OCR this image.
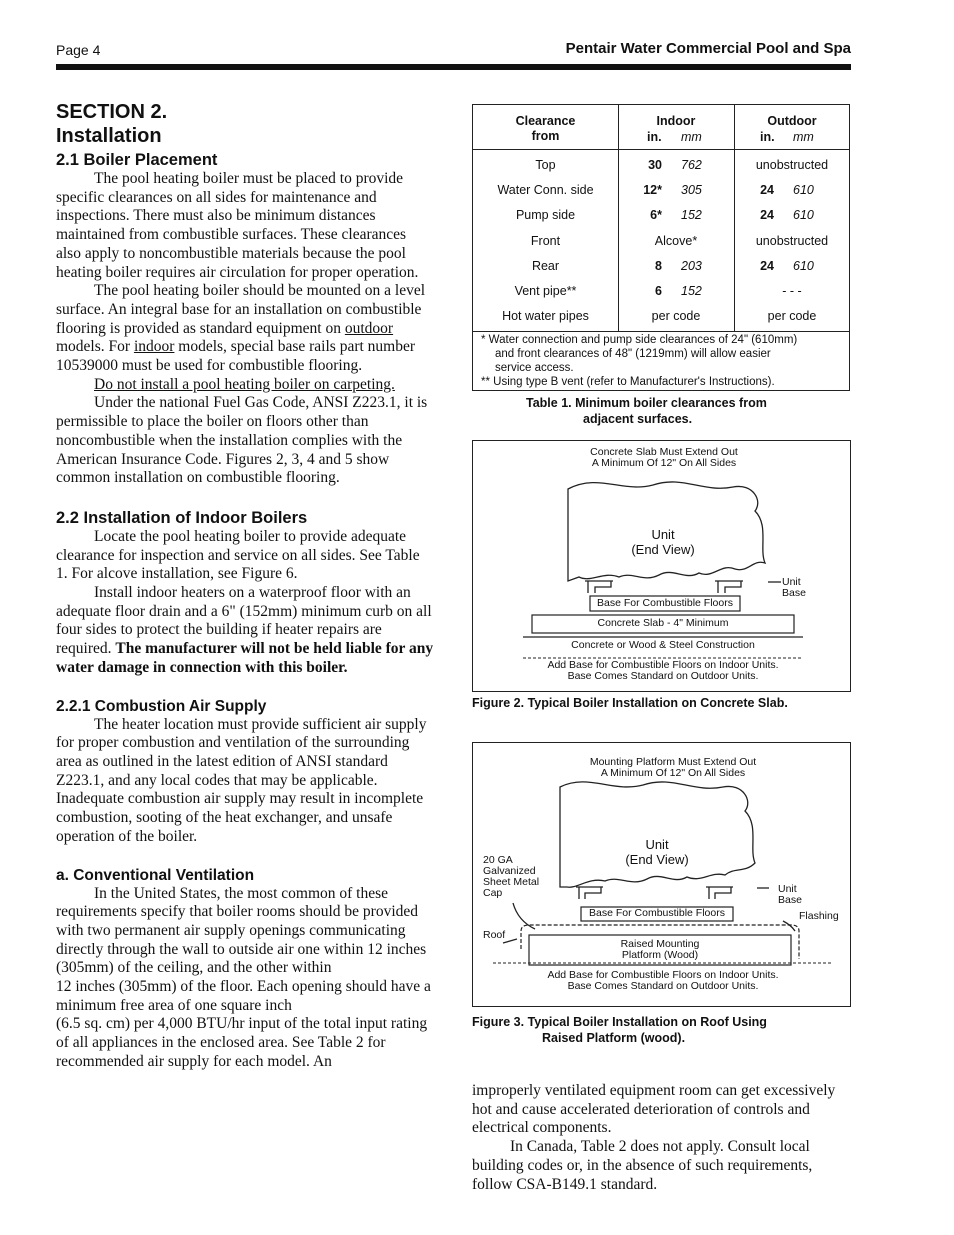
Page 4	Pentair Water Commercial Pool and Spa

SECTION 2.

Installation

2.1 Boiler Placement

The pool heating boiler must be placed to provide specific clearances on all sides for maintenance and inspections. There must also be minimum distances maintained from combustible surfaces. These clearances also apply to noncombustible materials because the pool heating boiler requires air circulation for proper operation.

The pool heating boiler should be mounted on a level surface. An integral base for an installation on combustible flooring is provided as standard equipment on outdoor models. For indoor models, special base rails part number 10539000 must be used for combustible flooring.

Do not install a pool heating boiler on carpeting.

Under the national Fuel Gas Code, ANSI Z223.1, it is permissible to place the boiler on floors other than noncombustible when the installation complies with the American Insurance Code. Figures 2, 3, 4 and 5 show common installation on combustible flooring.

2.2 Installation of Indoor Boilers

Locate the pool heating boiler to provide adequate clearance for inspection and service on all sides. See Table 1. For alcove installation, see Figure 6.

Install indoor heaters on a waterproof floor with an adequate floor drain and a 6" (152mm) minimum curb on all four sides to protect the building if heater repairs are required. The manufacturer will not be held liable for any water damage in connection with this boiler.

2.2.1 Combustion Air Supply

The heater location must provide sufficient air supply for proper combustion and ventilation of the surrounding area as outlined in the latest edition of ANSI standard Z223.1, and any local codes that may be applicable. Inadequate combustion air supply may result in incomplete combustion, sooting of the heat exchanger, and unsafe operation of the boiler.

a. Conventional Ventilation

In the United States, the most common of these requirements specify that boiler rooms should be provided with two permanent air supply openings communicating directly through the wall to outside air one within 12 inches (305mm) of the ceiling, and the other within

12 inches (305mm) of the floor. Each opening should have a minimum free area of one square inch

(6.5 sq. cm) per 4,000 BTU/hr input of the total input rating of all appliances in the enclosed area. See Table 2 for recommended air supply for each model. An

Clearance
from
Indoor	Outdoor
in. mm	in. mm
Top	30 762	unobstructed
Water Conn. side	12* 305	24 610
Pump side	6* 152	24 610
Front	Alcove*	unobstructed
Rear	8 203	24 610
Vent pipe**	6 152	- - -
Hot water pipes	per code	per code
* Water connection and pump side clearances of 24" (610mm)
and front clearances of 48" (1219mm) will allow easier
service access.
** Using type B vent (refer to Manufacturer's Instructions).
Table 1. Minimum boiler clearances from
adjacent surfaces.
Concrete Slab Must Extend Out
A Minimum Of 12" On All Sides
Unit
(End View)
Unit
Base
Base For Combustible Floors
Concrete Slab - 4" Minimum
Concrete or Wood & Steel Construction
Add Base for Combustible Floors on Indoor Units.
Base Comes Standard on Outdoor Units.
Figure 2. Typical Boiler Installation on Concrete Slab.
Mounting Platform Must Extend Out
A Minimum Of 12" On All Sides
Unit
(End View)
20 GA
Galvanized
Sheet Metal
Cap	Unit
Base
Flashing
Base For Combustible Floors
Roof
Raised Mounting
Platform (Wood)
Add Base for Combustible Floors on Indoor Units.
Base Comes Standard on Outdoor Units.
Figure 3. Typical Boiler Installation on Roof Using
Raised Platform (wood).

improperly ventilated equipment room can get excessively hot and cause accelerated deterioration of controls and electrical components.

In Canada, Table 2 does not apply. Consult local building codes or, in the absence of such requirements, follow CSA-B149.1 standard.
